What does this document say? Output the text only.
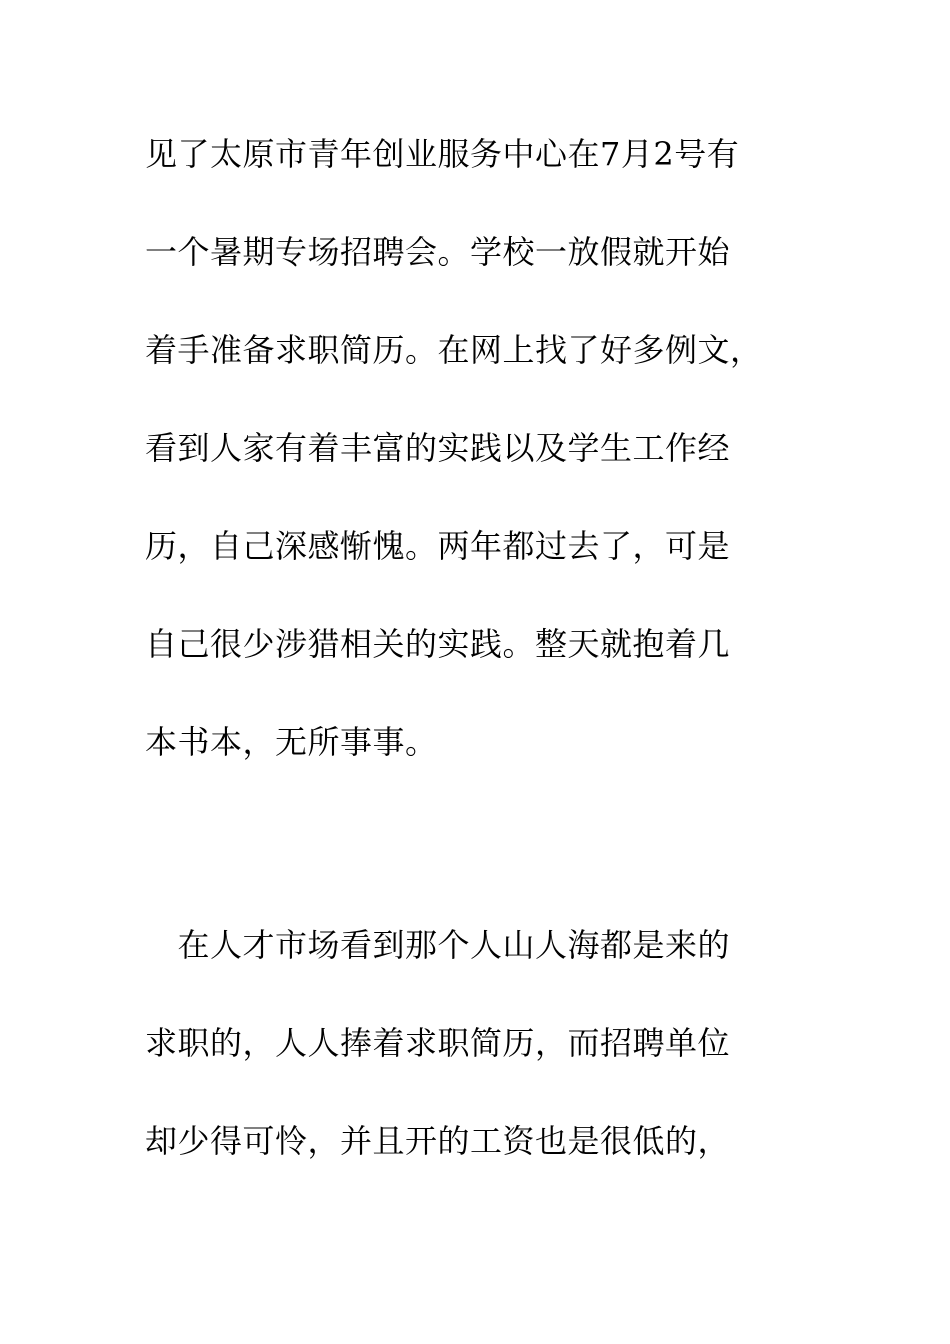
见了太原市青年创业服务中心在7月2号有
一个暑期专场招聘会。学校一放假就开始
着手准备求职简历。在网上找了好多例文，
看到人家有着丰富的实践以及学生工作经
历，自己深感惭愧。两年都过去了，可是
自己很少涉猎相关的实践。整天就抱着几
本书本，无所事事。
　在人才市场看到那个人山人海都是来的
求职的，人人捧着求职简历，而招聘单位
却少得可怜，并且开的工资也是很低的，
